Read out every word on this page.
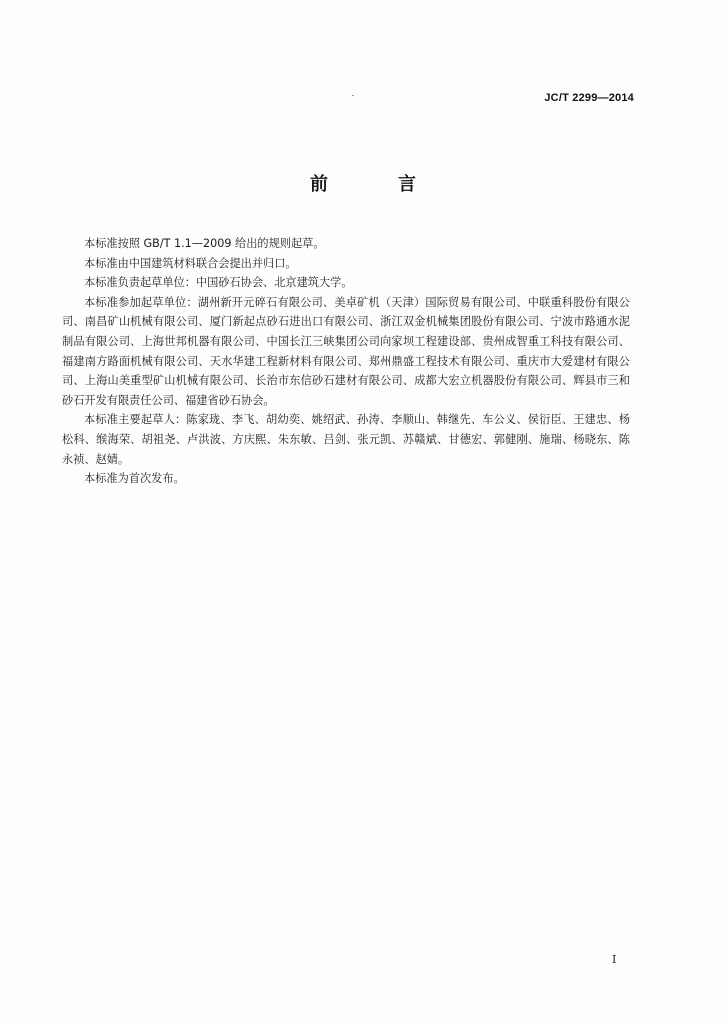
JC/T 2299—2014
前　言

本标准按照 GB/T 1.1—2009 给出的规则起草。

本标准由中国建筑材料联合会提出并归口。

本标准负责起草单位：中国砂石协会、北京建筑大学。

本标准参加起草单位：湖州新开元碎石有限公司、美卓矿机（天津）国际贸易有限公司、中联重科股份有限公司、南昌矿山机械有限公司、厦门新起点砂石进出口有限公司、浙江双金机械集团股份有限公司、宁波市路通水泥制品有限公司、上海世邦机器有限公司、中国长江三峡集团公司向家坝工程建设部、贵州成智重工科技有限公司、福建南方路面机械有限公司、天水华建工程新材料有限公司、郑州鼎盛工程技术有限公司、重庆市大爱建材有限公司、上海山美重型矿山机械有限公司、长治市东信砂石建材有限公司、成都大宏立机器股份有限公司、辉县市三和砂石开发有限责任公司、福建省砂石协会。

本标准主要起草人：陈家珑、李飞、胡幼奕、姚绍武、孙涛、李顺山、韩继先、车公义、侯衍臣、王建忠、杨松科、缑海荣、胡祖尧、卢洪波、方庆熙、朱东敏、吕剑、张元凯、苏赣斌、甘德宏、郭健刚、施瑞、杨晓东、陈永祯、赵婧。

本标准为首次发布。

I
